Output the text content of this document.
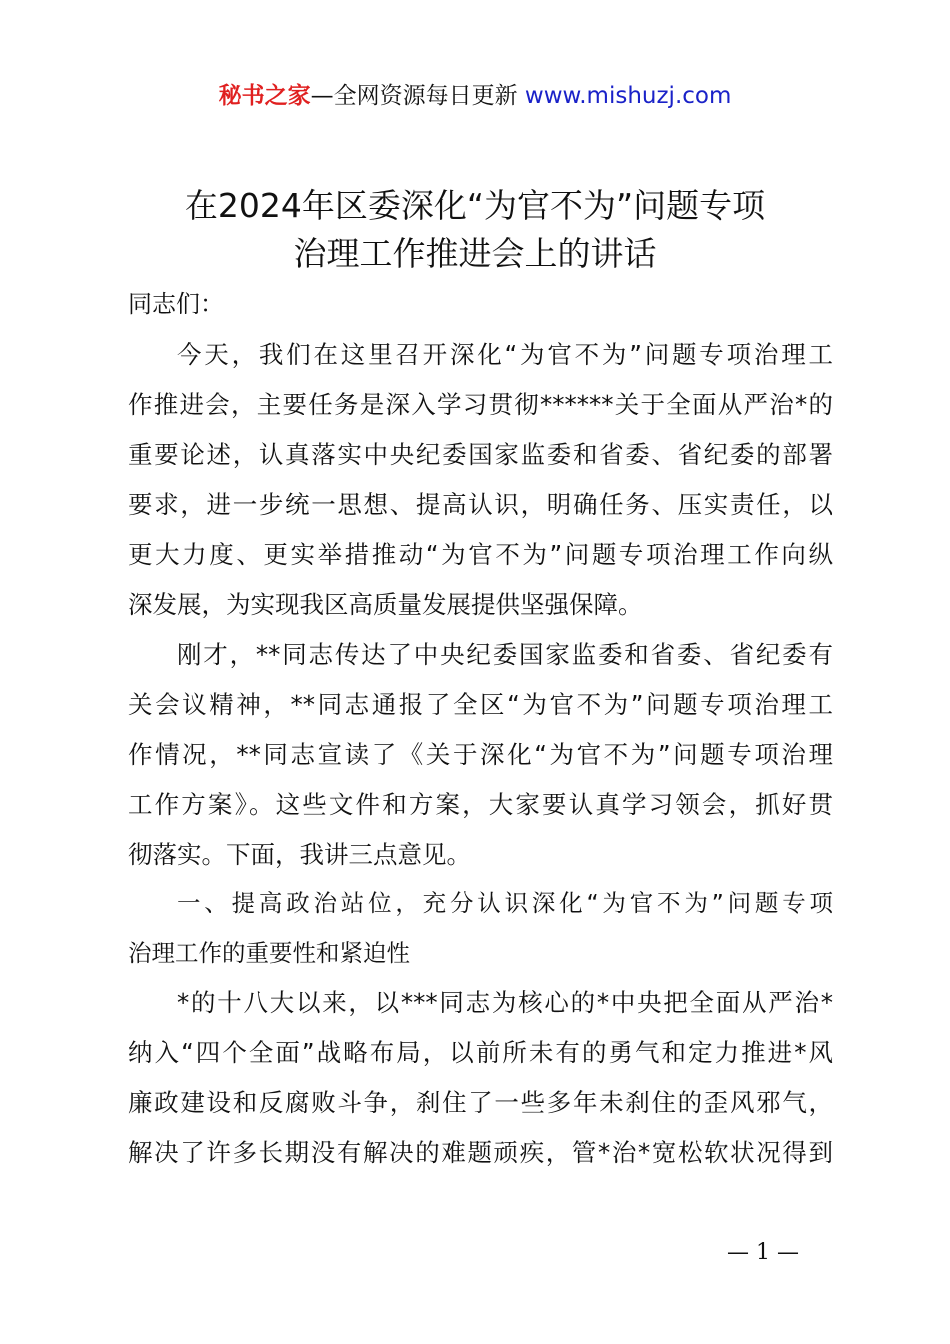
秘书之家—全网资源每日更新 www.mishuzj.com
在2024年区委深化“为官不为”问题专项
治理工作推进会上的讲话
同志们：
今天，我们在这里召开深化“为官不为”问题专项治理工
作推进会，主要任务是深入学习贯彻******关于全面从严治*的
重要论述，认真落实中央纪委国家监委和省委、省纪委的部署
要求，进一步统一思想、提高认识，明确任务、压实责任，以
更大力度、更实举措推动“为官不为”问题专项治理工作向纵
深发展，为实现我区高质量发展提供坚强保障。
刚才，**同志传达了中央纪委国家监委和省委、省纪委有
关会议精神，**同志通报了全区“为官不为”问题专项治理工
作情况，**同志宣读了《关于深化“为官不为”问题专项治理
工作方案》。这些文件和方案，大家要认真学习领会，抓好贯
彻落实。下面，我讲三点意见。
一、提高政治站位，充分认识深化“为官不为”问题专项
治理工作的重要性和紧迫性
*的十八大以来，以***同志为核心的*中央把全面从严治*
纳入“四个全面”战略布局，以前所未有的勇气和定力推进*风
廉政建设和反腐败斗争，刹住了一些多年未刹住的歪风邪气，
解决了许多长期没有解决的难题顽疾，管*治*宽松软状况得到
— 1 —
